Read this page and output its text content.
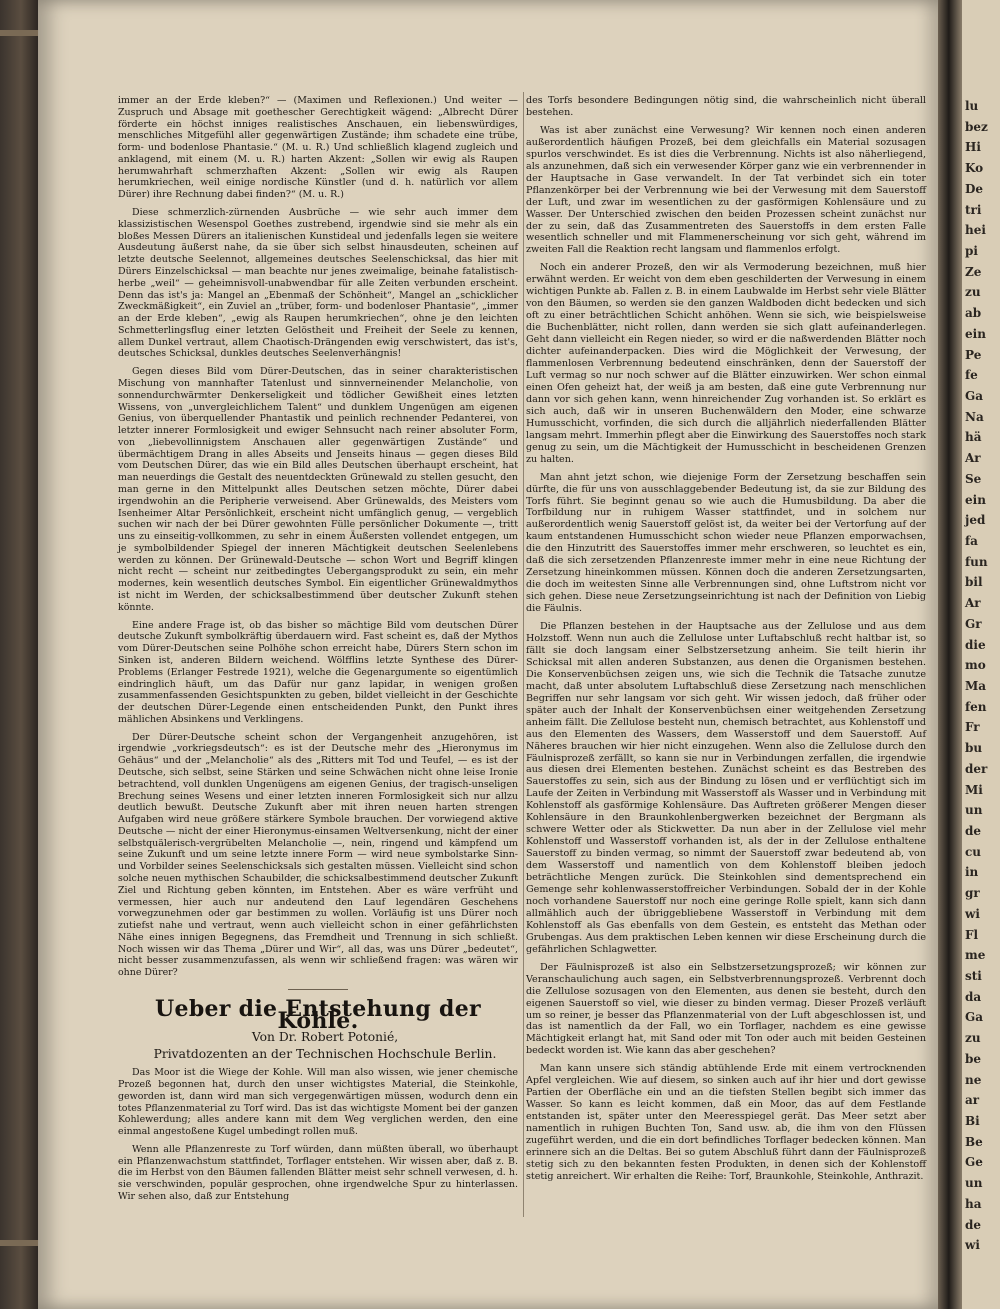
immer an der Erde kleben?“ — (Maximen und Reflexionen.) Und weiter — Zuspruch und Absage mit goethescher Gerechtigkeit wägend: „Albrecht Dürer förderte ein höchst inniges realistisches Anschauen, ein liebenswürdiges, menschliches Mitgefühl aller gegenwärtigen Zustände; ihm schadete eine trübe, form- und bodenlose Phantasie.“ (M. u. R.) Und schließlich klagend zugleich und anklagend, mit einem (M. u. R.) harten Akzent: „Sollen wir ewig als Raupen herumwahrhaft schmerzhaften Akzent: „Sollen wir ewig als Raupen herumkriechen, weil einige nordische Künstler (und d. h. natürlich vor allem Dürer) ihre Rechnung dabei finden?“ (M. u. R.)

Diese schmerzlich-zürnenden Ausbrüche — wie sehr auch immer dem klassizistischen Wesenspol Goethes zustrebend, irgendwie sind sie mehr als ein bloßes Messen Dürers an italienischen Kunstideal und jedenfalls legen sie weitere Ausdeutung äußerst nahe, da sie über sich selbst hinausdeuten, scheinen auf letzte deutsche Seelennot, allgemeines deutsches Seelenschicksal, das hier mit Dürers Einzelschicksal — man beachte nur jenes zweimalige, beinahe fatalistisch-herbe „weil“ — geheimnisvoll-unabwendbar für alle Zeiten verbunden erscheint. Denn das ist's ja: Mangel an „Ebenmaß der Schönheit“, Mangel an „schicklicher Zweckmäßigkeit“, ein Zuviel an „trüber, form- und bodenloser Phantasie“, „immer an der Erde kleben“, „ewig als Raupen herumkriechen“, ohne je den leichten Schmetterlingsflug einer letzten Gelöstheit und Freiheit der Seele zu kennen, allem Dunkel vertraut, allem Chaotisch-Drängenden ewig verschwistert, das ist's, deutsches Schicksal, dunkles deutsches Seelenverhängnis!

Gegen dieses Bild vom Dürer-Deutschen, das in seiner charakteristischen Mischung von mannhafter Tatenlust und sinnverneinender Melancholie, von sonnendurchwärmter Denkerseligkeit und tödlicher Gewißheit eines letzten Wissens, von „unvergleichlichem Talent“ und dunklem Ungenügen am eigenen Genius, von überquellender Phantastik und peinlich rechnender Pedanterei, von letzter innerer Formlosigkeit und ewiger Sehnsucht nach reiner absoluter Form, von „liebevollinnigstem Anschauen aller gegenwärtigen Zustände“ und übermächtigem Drang in alles Abseits und Jenseits hinaus — gegen dieses Bild vom Deutschen Dürer, das wie ein Bild alles Deutschen überhaupt erscheint, hat man neuerdings die Gestalt des neuentdeckten Grünewald zu stellen gesucht, den man gerne in den Mittelpunkt alles Deutschen setzen möchte, Dürer dabei irgendwohin an die Peripherie verweisend. Aber Grünewalds, des Meisters vom Isenheimer Altar Persönlichkeit, erscheint nicht umfänglich genug, — vergeblich suchen wir nach der bei Dürer gewohnten Fülle persönlicher Dokumente —, tritt uns zu einseitig-vollkommen, zu sehr in einem Äußersten vollendet entgegen, um je symbolbildender Spiegel der inneren Mächtigkeit deutschen Seelenlebens werden zu können. Der Grünewald-Deutsche — schon Wort und Begriff klingen nicht recht — scheint nur zeitbedingtes Uebergangsprodukt zu sein, ein mehr modernes, kein wesentlich deutsches Symbol. Ein eigentlicher Grünewaldmythos ist nicht im Werden, der schicksalbestimmend über deutscher Zukunft stehen könnte.

Eine andere Frage ist, ob das bisher so mächtige Bild vom deutschen Dürer deutsche Zukunft symbolkräftig überdauern wird. Fast scheint es, daß der Mythos vom Dürer-Deutschen seine Polhöhe schon erreicht habe, Dürers Stern schon im Sinken ist, anderen Bildern weichend. Wölfflins letzte Synthese des Dürer-Problems (Erlanger Festrede 1921), welche die Gegenargumente so eigentümlich eindringlich häuft, um das Dafür nur ganz lapidar, in wenigen großen zusammenfassenden Gesichtspunkten zu geben, bildet vielleicht in der Geschichte der deutschen Dürer-Legende einen entscheidenden Punkt, den Punkt ihres mählichen Absinkens und Verklingens.

Der Dürer-Deutsche scheint schon der Vergangenheit anzugehören, ist irgendwie „vorkriegsdeutsch“: es ist der Deutsche mehr des „Hieronymus im Gehäus“ und der „Melancholie“ als des „Ritters mit Tod und Teufel, — es ist der Deutsche, sich selbst, seine Stärken und seine Schwächen nicht ohne leise Ironie betrachtend, voll dunklen Ungenügens am eigenen Genius, der tragisch-unseligen Brechung seines Wesens und einer letzten inneren Formlosigkeit sich nur allzu deutlich bewußt. Deutsche Zukunft aber mit ihren neuen harten strengen Aufgaben wird neue größere stärkere Symbole brauchen. Der vorwiegend aktive Deutsche — nicht der einer Hieronymus-einsamen Weltversenkung, nicht der einer selbstquälerisch-vergrübelten Melancholie —, nein, ringend und kämpfend um seine Zukunft und um seine letzte innere Form — wird neue symbolstarke Sinn- und Vorbilder seines Seelenschicksals sich gestalten müssen. Vielleicht sind schon solche neuen mythischen Schaubilder, die schicksalbestimmend deutscher Zukunft Ziel und Richtung geben könnten, im Entstehen. Aber es wäre verfrüht und vermessen, hier auch nur andeutend den Lauf legendären Geschehens vorwegzunehmen oder gar bestimmen zu wollen. Vorläufig ist uns Dürer noch zutiefst nahe und vertraut, wenn auch vielleicht schon in einer gefährlichsten Nähe eines innigen Begegnens, das Fremdheit und Trennung in sich schließt. Noch wissen wir das Thema „Dürer und Wir“, all das, was uns Dürer „bedeutet“, nicht besser zusammenzufassen, als wenn wir schließend fragen: was wären wir ohne Dürer?

Ueber die Entstehung der Kohle.

Von Dr. Robert Potonié,

Privatdozenten an der Technischen Hochschule Berlin.

Das Moor ist die Wiege der Kohle. Will man also wissen, wie jener chemische Prozeß begonnen hat, durch den unser wichtigstes Material, die Steinkohle, geworden ist, dann wird man sich vergegenwärtigen müssen, wodurch denn ein totes Pflanzenmaterial zu Torf wird. Das ist das wichtigste Moment bei der ganzen Kohlewerdung; alles andere kann mit dem Weg verglichen werden, den eine einmal angestoßene Kugel umbedingt rollen muß.

Wenn alle Pflanzenreste zu Torf würden, dann müßten überall, wo überhaupt ein Pflanzenwachstum stattfindet, Torflager entstehen. Wir wissen aber, daß z. B. die im Herbst von den Bäumen fallenden Blätter meist sehr schnell verwesen, d. h. sie verschwinden, populär gesprochen, ohne irgendwelche Spur zu hinterlassen. Wir sehen also, daß zur Entstehung

des Torfs besondere Bedingungen nötig sind, die wahrscheinlich nicht überall bestehen.

Was ist aber zunächst eine Verwesung? Wir kennen noch einen anderen außerordentlich häufigen Prozeß, bei dem gleichfalls ein Material sozusagen spurlos verschwindet. Es ist dies die Verbrennung. Nichts ist also näherliegend, als anzunehmen, daß sich ein verwesender Körper ganz wie ein verbrennender in der Hauptsache in Gase verwandelt. In der Tat verbindet sich ein toter Pflanzenkörper bei der Verbrennung wie bei der Verwesung mit dem Sauerstoff der Luft, und zwar im wesentlichen zu der gasförmigen Kohlensäure und zu Wasser. Der Unterschied zwischen den beiden Prozessen scheint zunächst nur der zu sein, daß das Zusammentreten des Sauerstoffs in dem ersten Falle wesentlich schneller und mit Flammenerscheinung vor sich geht, während im zweiten Fall die Reaktion recht langsam und flammenlos erfolgt.

Noch ein anderer Prozeß, den wir als Vermoderung bezeichnen, muß hier erwähnt werden. Er weicht von dem eben geschilderten der Verwesung in einem wichtigen Punkte ab. Fallen z. B. in einem Laubwalde im Herbst sehr viele Blätter von den Bäumen, so werden sie den ganzen Waldboden dicht bedecken und sich oft zu einer beträchtlichen Schicht anhöhen. Wenn sie sich, wie beispielsweise die Buchenblätter, nicht rollen, dann werden sie sich glatt aufeinanderlegen. Geht dann vielleicht ein Regen nieder, so wird er die naßwerdenden Blätter noch dichter aufeinanderpacken. Dies wird die Möglichkeit der Verwesung, der flammenlosen Verbrennung bedeutend einschränken, denn der Sauerstoff der Luft vermag so nur noch schwer auf die Blätter einzuwirken. Wer schon einmal einen Ofen geheizt hat, der weiß ja am besten, daß eine gute Verbrennung nur dann vor sich gehen kann, wenn hinreichender Zug vorhanden ist. So erklärt es sich auch, daß wir in unseren Buchenwäldern den Moder, eine schwarze Humusschicht, vorfinden, die sich durch die alljährlich niederfallenden Blätter langsam mehrt. Immerhin pflegt aber die Einwirkung des Sauerstoffes noch stark genug zu sein, um die Mächtigkeit der Humusschicht in bescheidenen Grenzen zu halten.

Man ahnt jetzt schon, wie diejenige Form der Zersetzung beschaffen sein dürfte, die für uns von ausschlaggebender Bedeutung ist, da sie zur Bildung des Torfs führt. Sie beginnt genau so wie auch die Humusbildung. Da aber die Torfbildung nur in ruhigem Wasser stattfindet, und in solchem nur außerordentlich wenig Sauerstoff gelöst ist, da weiter bei der Vertorfung auf der kaum entstandenen Humusschicht schon wieder neue Pflanzen emporwachsen, die den Hinzutritt des Sauerstoffes immer mehr erschweren, so leuchtet es ein, daß die sich zersetzenden Pflanzenreste immer mehr in eine neue Richtung der Zersetzung hineinkommen müssen. Können doch die anderen Zersetzungsarten, die doch im weitesten Sinne alle Verbrennungen sind, ohne Luftstrom nicht vor sich gehen. Diese neue Zersetzungseinrichtung ist nach der Definition von Liebig die Fäulnis.

Die Pflanzen bestehen in der Hauptsache aus der Zellulose und aus dem Holzstoff. Wenn nun auch die Zellulose unter Luftabschluß recht haltbar ist, so fällt sie doch langsam einer Selbstzersetzung anheim. Sie teilt hierin ihr Schicksal mit allen anderen Substanzen, aus denen die Organismen bestehen. Die Konservenbüchsen zeigen uns, wie sich die Technik die Tatsache zunutze macht, daß unter absolutem Luftabschluß diese Zersetzung nach menschlichen Begriffen nur sehr langsam vor sich geht. Wir wissen jedoch, daß früher oder später auch der Inhalt der Konservenbüchsen einer weitgehenden Zersetzung anheim fällt. Die Zellulose besteht nun, chemisch betrachtet, aus Kohlenstoff und aus den Elementen des Wassers, dem Wasserstoff und dem Sauerstoff. Auf Näheres brauchen wir hier nicht einzugehen. Wenn also die Zellulose durch den Fäulnisprozeß zerfällt, so kann sie nur in Verbindungen zerfallen, die irgendwie aus diesen drei Elementen bestehen. Zunächst scheint es das Bestreben des Sauerstoffes zu sein, sich aus der Bindung zu lösen und er verflüchtigt sich im Laufe der Zeiten in Verbindung mit Wasserstoff als Wasser und in Verbindung mit Kohlenstoff als gasförmige Kohlensäure. Das Auftreten größerer Mengen dieser Kohlensäure in den Braunkohlenbergwerken bezeichnet der Bergmann als schwere Wetter oder als Stickwetter. Da nun aber in der Zellulose viel mehr Kohlenstoff und Wasserstoff vorhanden ist, als der in der Zellulose enthaltene Sauerstoff zu binden vermag, so nimmt der Sauerstoff zwar bedeutend ab, von dem Wasserstoff und namentlich von dem Kohlenstoff bleiben jedoch beträchtliche Mengen zurück. Die Steinkohlen sind dementsprechend ein Gemenge sehr kohlenwasserstoffreicher Verbindungen. Sobald der in der Kohle noch vorhandene Sauerstoff nur noch eine geringe Rolle spielt, kann sich dann allmählich auch der übriggebliebene Wasserstoff in Verbindung mit dem Kohlenstoff als Gas ebenfalls von dem Gestein, es entsteht das Methan oder Grubengas. Aus dem praktischen Leben kennen wir diese Erscheinung durch die gefährlichen Schlagwetter.

Der Fäulnisprozeß ist also ein Selbstzersetzungsprozeß; wir können zur Veranschaulichung auch sagen, ein Selbstverbrennungsprozeß. Verbrennt doch die Zellulose sozusagen von den Elementen, aus denen sie besteht, durch den eigenen Sauerstoff so viel, wie dieser zu binden vermag. Dieser Prozeß verläuft um so reiner, je besser das Pflanzenmaterial von der Luft abgeschlossen ist, und das ist namentlich da der Fall, wo ein Torflager, nachdem es eine gewisse Mächtigkeit erlangt hat, mit Sand oder mit Ton oder auch mit beiden Gesteinen bedeckt worden ist. Wie kann das aber geschehen?

Man kann unsere sich ständig abtühlende Erde mit einem vertrocknenden Apfel vergleichen. Wie auf diesem, so sinken auch auf ihr hier und dort gewisse Partien der Oberfläche ein und an die tiefsten Stellen begibt sich immer das Wasser. So kann es leicht kommen, daß ein Moor, das auf dem Festlande entstanden ist, später unter den Meeresspiegel gerät. Das Meer setzt aber namentlich in ruhigen Buchten Ton, Sand usw. ab, die ihm von den Flüssen zugeführt werden, und die ein dort befindliches Torflager bedecken können. Man erinnere sich an die Deltas. Bei so gutem Abschluß führt dann der Fäulnisprozeß stetig sich zu den bekannten festen Produkten, in denen sich der Kohlenstoff stetig anreichert. Wir erhalten die Reihe: Torf, Braunkohle, Steinkohle, Anthrazit.

lu
bez
Hi
Ko
De
tri
hei
pi
Ze
zu
ab
ein
Pe
fe
Ga
Na
hä
Ar
Se
ein
jed
fa
fun
bil
Ar
Gr
die
mo
Ma
fen
Fr
bu
der
Mi
un
de
cu
in
gr
wi
Fl
me
sti
da
Ga
zu
be
ne
ar
Bi
Be
Ge
un
ha
de
wi
